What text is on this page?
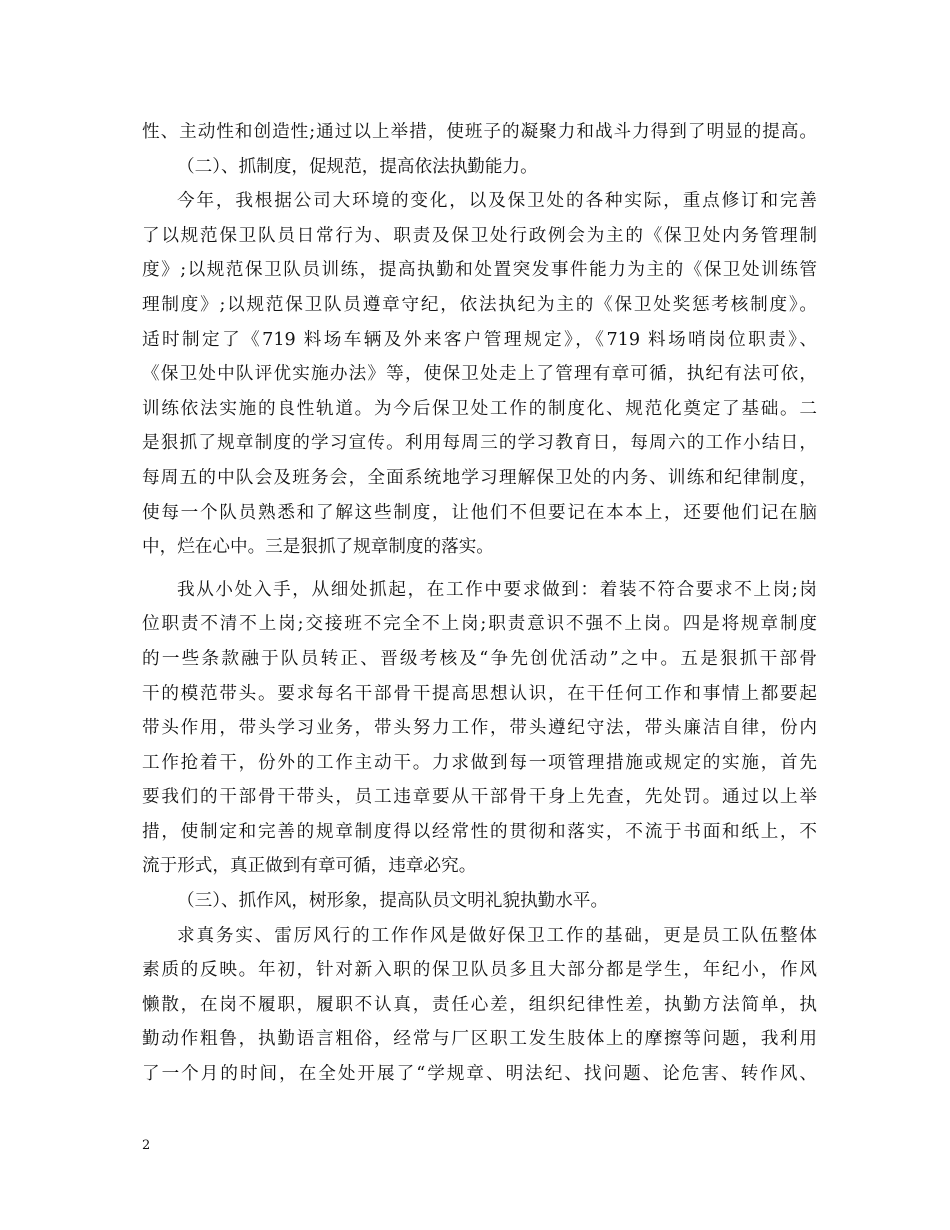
性、主动性和创造性;通过以上举措，使班子的凝聚力和战斗力得到了明显的提高。
（二）、抓制度，促规范，提高依法执勤能力。
今年，我根据公司大环境的变化，以及保卫处的各种实际，重点修订和完善
了以规范保卫队员日常行为、职责及保卫处行政例会为主的《保卫处内务管理制
度》;以规范保卫队员训练，提高执勤和处置突发事件能力为主的《保卫处训练管
理制度》;以规范保卫队员遵章守纪，依法执纪为主的《保卫处奖惩考核制度》。
适时制定了《719 料场车辆及外来客户管理规定》，《719 料场哨岗位职责》、
《保卫处中队评优实施办法》等，使保卫处走上了管理有章可循，执纪有法可依，
训练依法实施的良性轨道。为今后保卫处工作的制度化、规范化奠定了基础。二
是狠抓了规章制度的学习宣传。利用每周三的学习教育日，每周六的工作小结日，
每周五的中队会及班务会，全面系统地学习理解保卫处的内务、训练和纪律制度，
使每一个队员熟悉和了解这些制度，让他们不但要记在本本上，还要他们记在脑
中，烂在心中。三是狠抓了规章制度的落实。
我从小处入手，从细处抓起，在工作中要求做到：着装不符合要求不上岗;岗
位职责不清不上岗;交接班不完全不上岗;职责意识不强不上岗。四是将规章制度
的一些条款融于队员转正、晋级考核及“争先创优活动”之中。五是狠抓干部骨
干的模范带头。要求每名干部骨干提高思想认识，在干任何工作和事情上都要起
带头作用，带头学习业务，带头努力工作，带头遵纪守法，带头廉洁自律，份内
工作抢着干，份外的工作主动干。力求做到每一项管理措施或规定的实施，首先
要我们的干部骨干带头，员工违章要从干部骨干身上先查，先处罚。通过以上举
措，使制定和完善的规章制度得以经常性的贯彻和落实，不流于书面和纸上，不
流于形式，真正做到有章可循，违章必究。
（三）、抓作风，树形象，提高队员文明礼貌执勤水平。
求真务实、雷厉风行的工作作风是做好保卫工作的基础，更是员工队伍整体
素质的反映。年初，针对新入职的保卫队员多且大部分都是学生，年纪小，作风
懒散，在岗不履职，履职不认真，责任心差，组织纪律性差，执勤方法简单，执
勤动作粗鲁，执勤语言粗俗，经常与厂区职工发生肢体上的摩擦等问题，我利用
了一个月的时间，在全处开展了“学规章、明法纪、找问题、论危害、转作风、
2
